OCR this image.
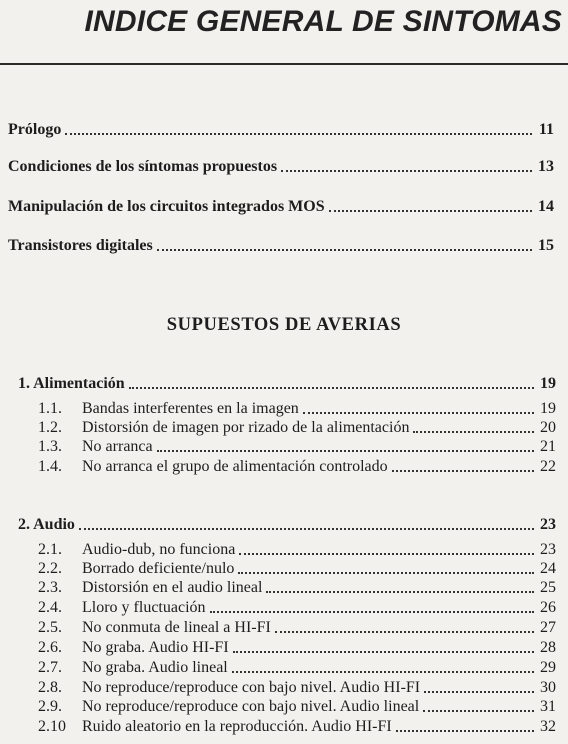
INDICE GENERAL DE SINTOMAS
Prólogo	11
Condiciones de los síntomas propuestos	13
Manipulación de los circuitos integrados MOS	14
Transistores digitales	15
SUPUESTOS DE AVERIAS
1. Alimentación	19
1.1.	Bandas interferentes en la imagen	19
1.2.	Distorsión de imagen por rizado de la alimentación	20
1.3.	No arranca	21
1.4.	No arranca el grupo de alimentación controlado	22
2. Audio	23
2.1.	Audio-dub, no funciona	23
2.2.	Borrado deficiente/nulo	24
2.3.	Distorsión en el audio lineal	25
2.4.	Lloro y fluctuación	26
2.5.	No conmuta de lineal a HI-FI	27
2.6.	No graba. Audio HI-FI	28
2.7.	No graba. Audio lineal	29
2.8.	No reproduce/reproduce con bajo nivel. Audio HI-FI	30
2.9.	No reproduce/reproduce con bajo nivel. Audio lineal	31
2.10	Ruido aleatorio en la reproducción. Audio HI-FI	32
